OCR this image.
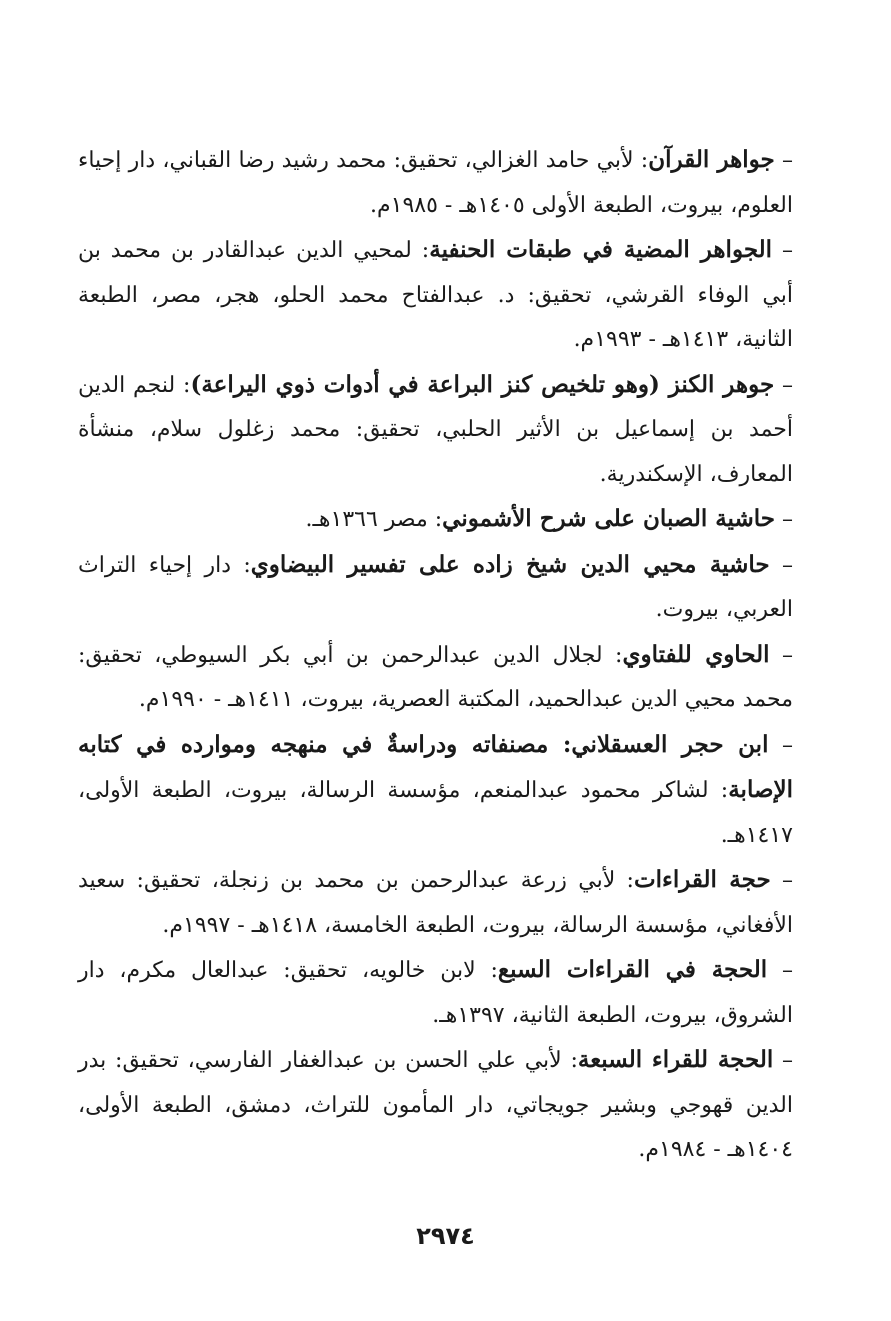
– جواهر القرآن: لأبي حامد الغزالي، تحقيق: محمد رشيد رضا القباني، دار إحياء العلوم، بيروت، الطبعة الأولى ١٤٠٥هـ - ١٩٨٥م.

– الجواهر المضية في طبقات الحنفية: لمحيي الدين عبدالقادر بن محمد بن أبي الوفاء القرشي، تحقيق: د. عبدالفتاح محمد الحلو، هجر، مصر، الطبعة الثانية، ١٤١٣هـ - ١٩٩٣م.

– جوهر الكنز (وهو تلخيص كنز البراعة في أدوات ذوي اليراعة): لنجم الدين أحمد بن إسماعيل بن الأثير الحلبي، تحقيق: محمد زغلول سلام، منشأة المعارف، الإسكندرية.

– حاشية الصبان على شرح الأشموني: مصر ١٣٦٦هـ.

– حاشية محيي الدين شيخ زاده على تفسير البيضاوي: دار إحياء التراث العربي، بيروت.

– الحاوي للفتاوي: لجلال الدين عبدالرحمن بن أبي بكر السيوطي، تحقيق: محمد محيي الدين عبدالحميد، المكتبة العصرية، بيروت، ١٤١١هـ - ١٩٩٠م.

– ابن حجر العسقلاني: مصنفاته ودراسةٌ في منهجه وموارده في كتابه الإصابة: لشاكر محمود عبدالمنعم، مؤسسة الرسالة، بيروت، الطبعة الأولى، ١٤١٧هـ.

– حجة القراءات: لأبي زرعة عبدالرحمن بن محمد بن زنجلة، تحقيق: سعيد الأفغاني، مؤسسة الرسالة، بيروت، الطبعة الخامسة، ١٤١٨هـ - ١٩٩٧م.

– الحجة في القراءات السبع: لابن خالويه، تحقيق: عبدالعال مكرم، دار الشروق، بيروت، الطبعة الثانية، ١٣٩٧هـ.

– الحجة للقراء السبعة: لأبي علي الحسن بن عبدالغفار الفارسي، تحقيق: بدر الدين قهوجي وبشير جويجاتي، دار المأمون للتراث، دمشق، الطبعة الأولى، ١٤٠٤هـ - ١٩٨٤م.

٢٩٧٤
